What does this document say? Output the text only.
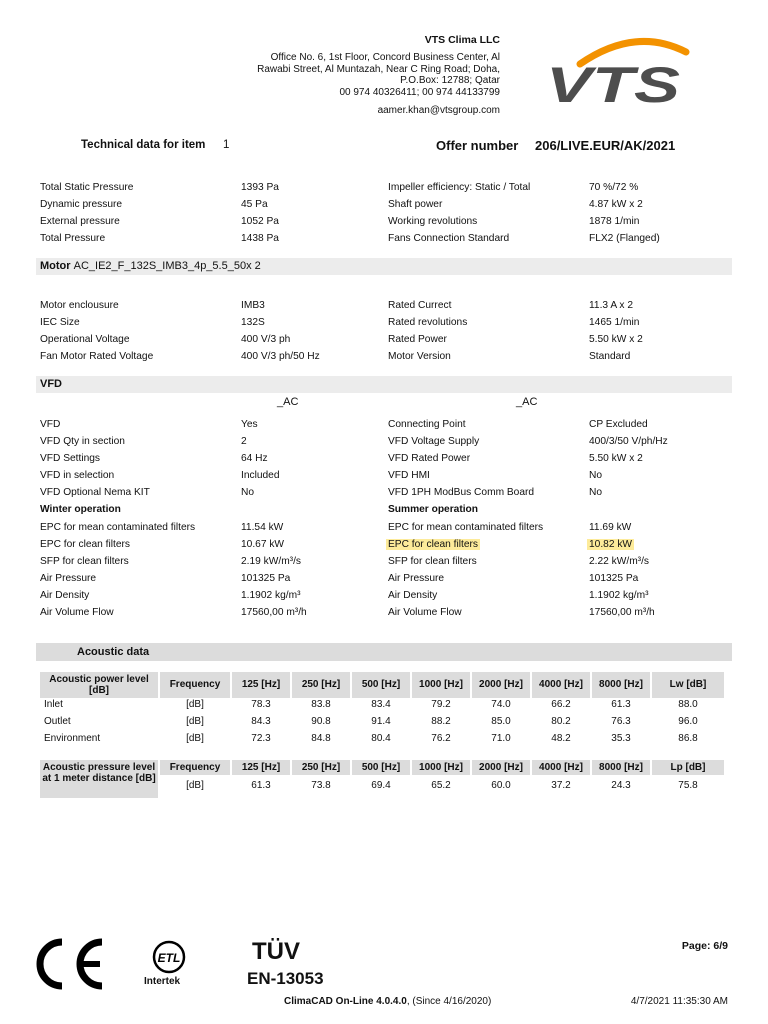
VTS Clima LLC
Office No. 6, 1st Floor, Concord Business Center, Al
Rawabi Street, Al Muntazah, Near C Ring Road; Doha,
P.O.Box: 12788; Qatar
00 974 40326411; 00 974 44133799
aamer.khan@vtsgroup.com VTS
Technical data for item 1	Offer number 206/LIVE.EUR/AK/2021
Total Static Pressure	1393 Pa	Impeller efficiency: Static / Total	70 %/72 %
Dynamic pressure	45 Pa	Shaft power	4.87 kW x 2
External pressure	1052 Pa	Working revolutions	1878 1/min
Total Pressure	1438 Pa	Fans Connection Standard	FLX2 (Flanged)
Motor AC_IE2_F_132S_IMB3_4p_5.5_50x 2
Motor enclousure	IMB3	Rated Currect	11.3 A x 2
IEC Size	132S	Rated revolutions	1465 1/min
Operational Voltage	400 V/3 ph	Rated Power	5.50 kW x 2
Fan Motor Rated Voltage	400 V/3 ph/50 Hz	Motor Version	Standard
VFD
_AC	_AC
VFD	Yes	Connecting Point	CP Excluded
VFD Qty in section	2	VFD Voltage Supply	400/3/50 V/ph/Hz
VFD Settings	64 Hz	VFD Rated Power	5.50 kW x 2
VFD in selection	Included	VFD HMI	No
VFD Optional Nema KIT	No	VFD 1PH ModBus Comm Board	No
Winter operation	Summer operation
EPC for mean contaminated filters	11.54 kW	EPC for mean contaminated filters	11.69 kW
EPC for clean filters	10.67 kW	EPC for clean filters	10.82 kW
SFP for clean filters	2.19 kW/m³/s	SFP for clean filters	2.22 kW/m³/s
Air Pressure	101325 Pa	Air Pressure	101325 Pa
Air Density	1.1902 kg/m³	Air Density	1.1902 kg/m³
Air Volume Flow	17560,00 m³/h	Air Volume Flow	17560,00 m³/h
Acoustic data
Acoustic power level [dB]
Frequency	125 [Hz]	250 [Hz]	500 [Hz]	1000 [Hz]	2000 [Hz]	4000 [Hz]	8000 [Hz]	Lw [dB]
Inlet	[dB]	78.3	83.8	83.4	79.2	74.0	66.2	61.3	88.0
Outlet	[dB]	84.3	90.8	91.4	88.2	85.0	80.2	76.3	96.0
Environment	[dB]	72.3	84.8	80.4	76.2	71.0	48.2	35.3	86.8
Acoustic pressure level at 1 meter distance [dB]
Frequency	125 [Hz]	250 [Hz]	500 [Hz]	1000 [Hz]	2000 [Hz]	4000 [Hz]	8000 [Hz]	Lp [dB]
[dB]	61.3	73.8	69.4	65.2	60.0	37.2	24.3	75.8
ETL
Intertek
TÜV
EN-13053
Page: 6/9
ClimaCAD On-Line 4.0.4.0, (Since 4/16/2020)	4/7/2021 11:35:30 AM
